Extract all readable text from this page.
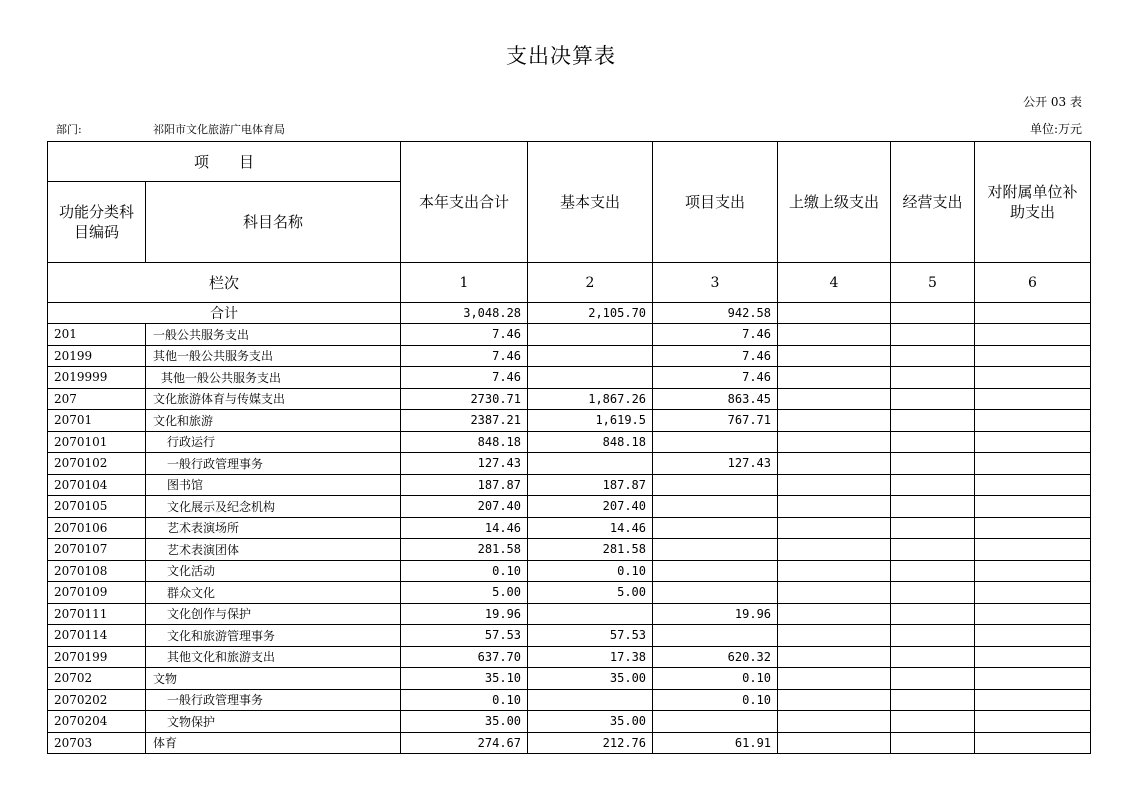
支出决算表
公开 03 表
部门:	祁阳市文化旅游广电体育局	单位:万元
项　　目		本年支出合计	基本支出	项目支出	上缴上级支出	经营支出	对附属单位补助支出
功能分类科目编码	科目名称						
栏次		1	2	3	4	5	6
合计		3,048.28	2,105.70	942.58			
201	一般公共服务支出	7.46		7.46			
20199	其他一般公共服务支出	7.46		7.46			
2019999	其他一般公共服务支出	7.46		7.46			
207	文化旅游体育与传媒支出	2730.71	1,867.26	863.45			
20701	文化和旅游	2387.21	1,619.5	767.71			
2070101	行政运行	848.18	848.18				
2070102	一般行政管理事务	127.43		127.43			
2070104	图书馆	187.87	187.87				
2070105	文化展示及纪念机构	207.40	207.40				
2070106	艺术表演场所	14.46	14.46				
2070107	艺术表演团体	281.58	281.58				
2070108	文化活动	0.10	0.10				
2070109	群众文化	5.00	5.00				
2070111	文化创作与保护	19.96		19.96			
2070114	文化和旅游管理事务	57.53	57.53				
2070199	其他文化和旅游支出	637.70	17.38	620.32			
20702	文物	35.10	35.00	0.10			
2070202	一般行政管理事务	0.10		0.10			
2070204	文物保护	35.00	35.00				
20703	体育	274.67	212.76	61.91			
